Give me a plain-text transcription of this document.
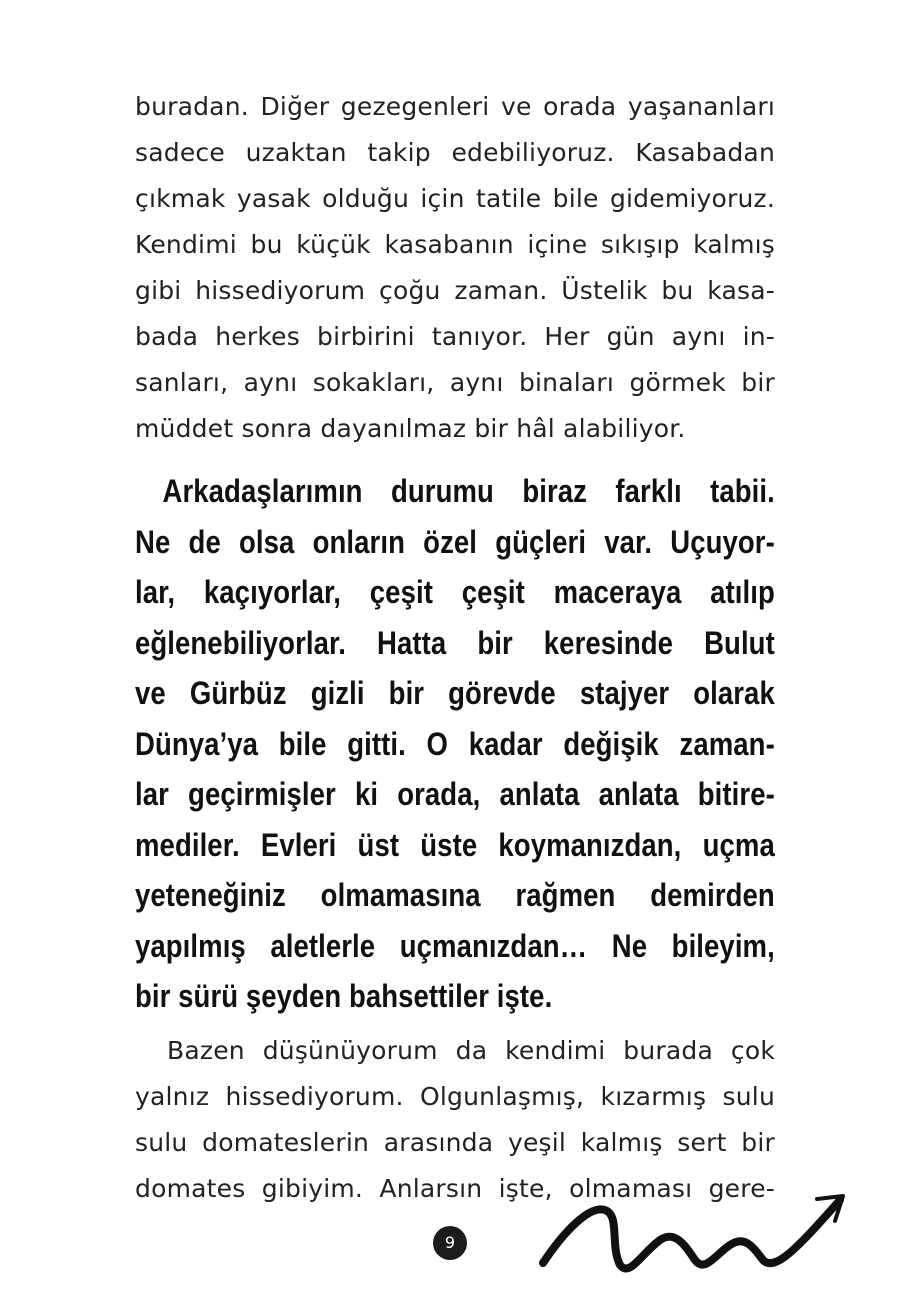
buradan. Diğer gezegenleri ve orada yaşananları
sadece uzaktan takip edebiliyoruz. Kasabadan
çıkmak yasak olduğu için tatile bile gidemiyoruz.
Kendimi bu küçük kasabanın içine sıkışıp kalmış
gibi hissediyorum çoğu zaman. Üstelik bu kasa-
bada herkes birbirini tanıyor. Her gün aynı in-
sanları, aynı sokakları, aynı binaları görmek bir
müddet sonra dayanılmaz bir hâl alabiliyor.
Arkadaşlarımın durumu biraz farklı tabii.
Ne de olsa onların özel güçleri var. Uçuyor-
lar, kaçıyorlar, çeşit çeşit maceraya atılıp
eğlenebiliyorlar. Hatta bir keresinde Bulut
ve Gürbüz gizli bir görevde stajyer olarak
Dünya’ya bile gitti. O kadar değişik zaman-
lar geçirmişler ki orada, anlata anlata bitire-
mediler. Evleri üst üste koymanızdan, uçma
yeteneğiniz olmamasına rağmen demirden
yapılmış aletlerle uçmanızdan… Ne bileyim,
bir sürü şeyden bahsettiler işte.
Bazen düşünüyorum da kendimi burada çok
yalnız hissediyorum. Olgunlaşmış, kızarmış sulu
sulu domateslerin arasında yeşil kalmış sert bir
domates gibiyim. Anlarsın işte, olmaması gere-
9
